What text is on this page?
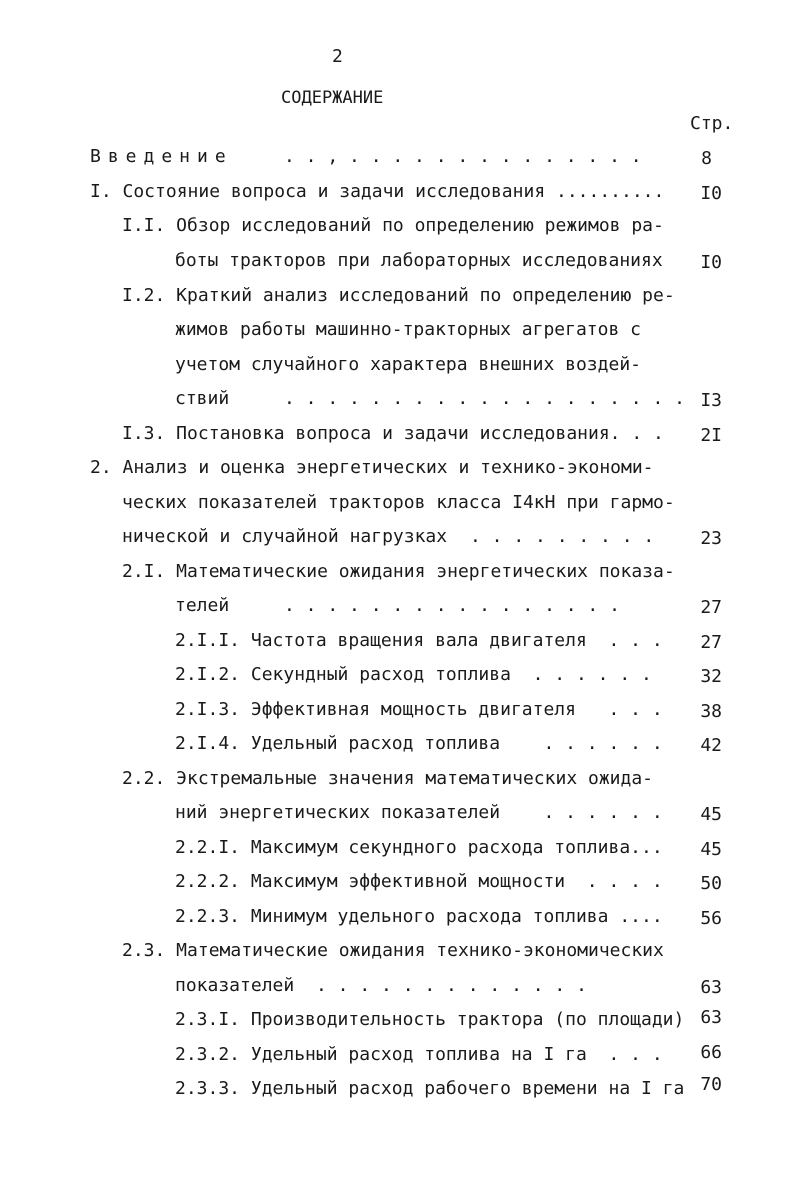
2
СОДЕРЖАНИЕ
Стр.
Введение	. . , . . . . . . . . . . . . . .	8
I. Состояние вопроса и задачи исследования ..........	I0
I.I. Обзор исследований по определению режимов ра-
боты тракторов при лабораторных исследованиях	I0
I.2. Краткий анализ исследований по определению ре-
жимов работы машинно-тракторных агрегатов с
учетом случайного характера внешних воздей-
ствий	. . . . . . . . . . . . . . . . . . . I3
I.3. Постановка вопроса и задачи исследования. . .	2I
2. Анализ и оценка энергетических и технико-экономи-
ческих показателей тракторов класса I4кН при гармо-
нической и случайной нагрузках . . . . . . . . .	23
2.I. Математические ожидания энергетических показа-
телей	. . . . . . . . . . . . . . . .	27
2.I.I. Частота вращения вала двигателя  . . .	27
2.I.2. Секундный расход топлива  . . . . . .	32
2.I.3. Эффективная мощность двигателя   . . .	38
2.I.4. Удельный расход топлива    . . . . . .	42
2.2. Экстремальные значения математических ожида-
ний энергетических показателей    . . . . . .	45
2.2.I. Максимум секундного расхода топлива...	45
2.2.2. Максимум эффективной мощности  . . . .	50
2.2.3. Минимум удельного расхода топлива ....	56
2.3. Математические ожидания технико-экономических
показателей . . . . . . . . . . . . .	63
2.3.I. Производительность трактора (по площади) 63
2.3.2. Удельный расход топлива на I га  . . .	66
2.3.3. Удельный расход рабочего времени на I га 70
